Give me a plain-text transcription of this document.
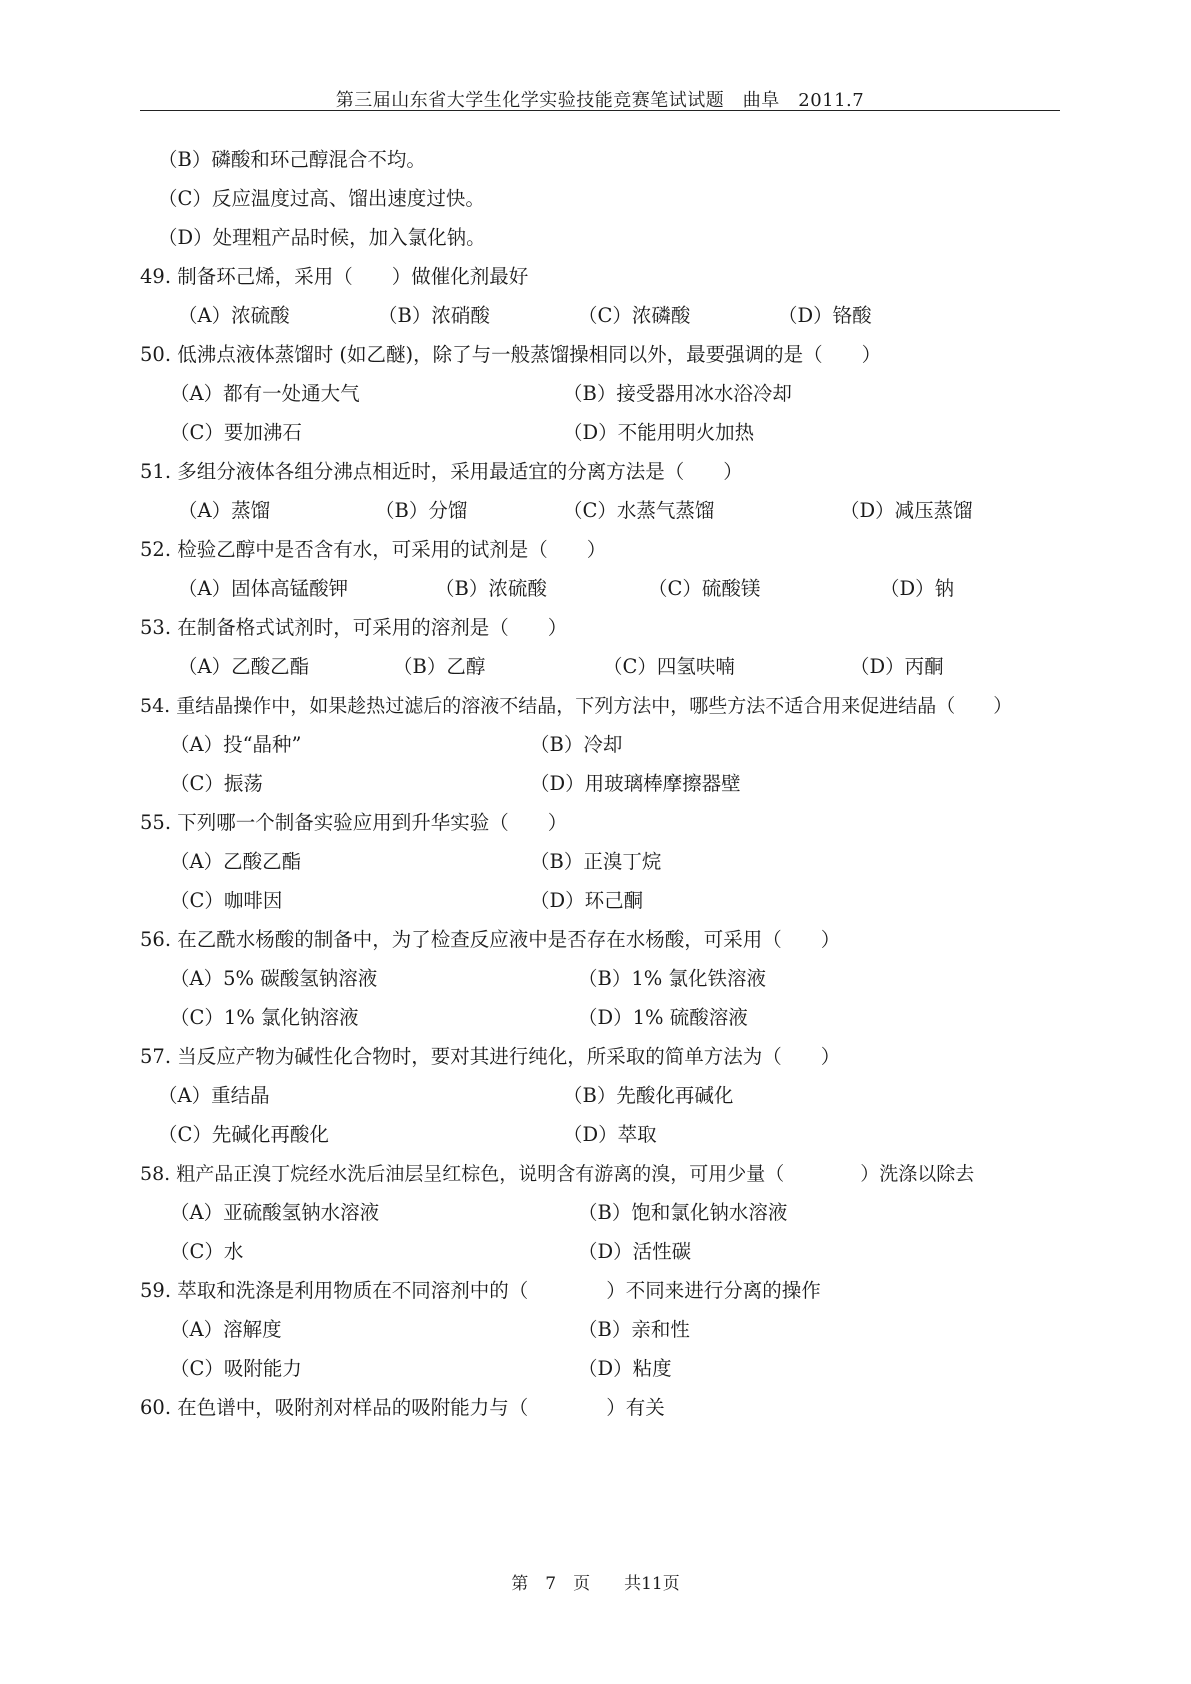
第三届山东省大学生化学实验技能竞赛笔试试题　曲阜　2011.7
（B）磷酸和环己醇混合不均。
（C）反应温度过高、馏出速度过快。
（D）处理粗产品时候，加入氯化钠。
49. 制备环己烯，采用（　　）做催化剂最好
（A）浓硫酸	（B）浓硝酸	（C）浓磷酸	（D）铬酸
50. 低沸点液体蒸馏时 (如乙醚)，除了与一般蒸馏操相同以外，最要强调的是（　　）
（A）都有一处通大气	（B）接受器用冰水浴冷却
（C）要加沸石	（D）不能用明火加热
51. 多组分液体各组分沸点相近时，采用最适宜的分离方法是（　　）
（A）蒸馏	（B）分馏	（C）水蒸气蒸馏	（D）减压蒸馏
52. 检验乙醇中是否含有水，可采用的试剂是（　　）
（A）固体高锰酸钾	（B）浓硫酸	（C）硫酸镁	（D）钠
53. 在制备格式试剂时，可采用的溶剂是（　　）
（A）乙酸乙酯	（B）乙醇	（C）四氢呋喃	（D）丙酮
54. 重结晶操作中，如果趁热过滤后的溶液不结晶，下列方法中，哪些方法不适合用来促进结晶（　　）
（A）投“晶种”	（B）冷却
（C）振荡	（D）用玻璃棒摩擦器壁
55. 下列哪一个制备实验应用到升华实验（　　）
（A）乙酸乙酯	（B）正溴丁烷
（C）咖啡因	（D）环己酮
56. 在乙酰水杨酸的制备中，为了检查反应液中是否存在水杨酸，可采用（　　）
（A）5% 碳酸氢钠溶液	（B）1% 氯化铁溶液
（C）1% 氯化钠溶液	（D）1% 硫酸溶液
57. 当反应产物为碱性化合物时，要对其进行纯化，所采取的简单方法为（　　）
（A）重结晶	（B）先酸化再碱化
（C）先碱化再酸化	（D）萃取
58. 粗产品正溴丁烷经水洗后油层呈红棕色，说明含有游离的溴，可用少量（　　　　）洗涤以除去
（A）亚硫酸氢钠水溶液	（B）饱和氯化钠水溶液
（C）水	（D）活性碳
59. 萃取和洗涤是利用物质在不同溶剂中的（　　　　）不同来进行分离的操作
（A）溶解度	（B）亲和性
（C）吸附能力	（D）粘度
60. 在色谱中，吸附剂对样品的吸附能力与（　　　　）有关
第　7　页　　共11页
